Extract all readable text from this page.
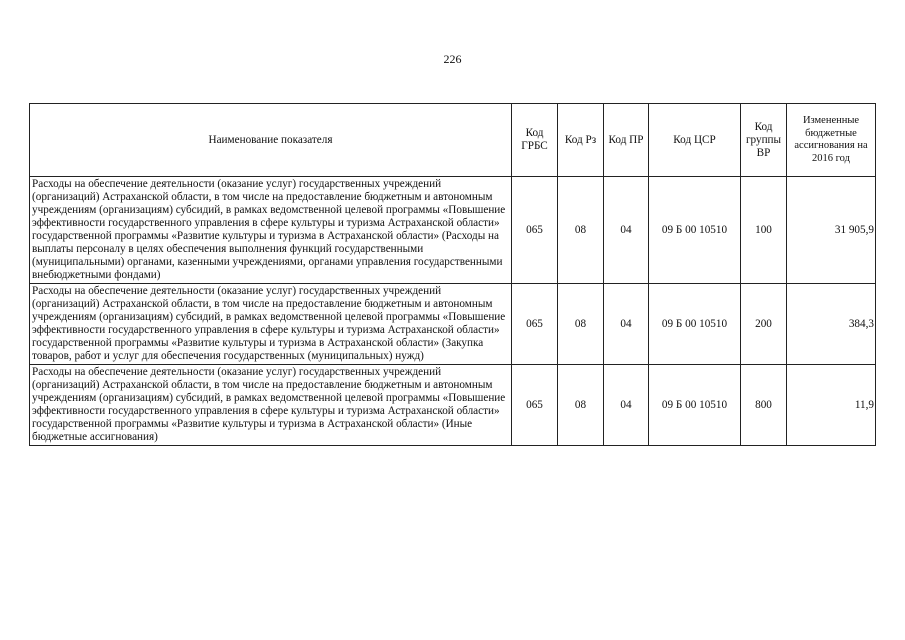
226
Наименование показателя	Код ГРБС	Код Рз	Код ПР	Код ЦСР	Код группы ВР	Измененные бюджетные ассигнования на 2016 год
Расходы на обеспечение деятельности (оказание услуг) государственных учреждений (организаций) Астраханской области, в том числе на предоставление бюджетным и автономным учреждениям (организациям) субсидий, в рамках ведомственной целевой программы «Повышение эффективности государственного управления в сфере культуры и туризма Астраханской области» государственной программы «Развитие культуры и туризма в Астраханской области» (Расходы на выплаты персоналу в целях обеспечения выполнения функций государственными (муниципальными) органами, казенными учреждениями, органами управления государственными внебюджетными фондами)	065	08	04	09 Б 00 10510	100	31 905,9
Расходы на обеспечение деятельности (оказание услуг) государственных учреждений (организаций) Астраханской области, в том числе на предоставление бюджетным и автономным учреждениям (организациям) субсидий, в рамках ведомственной целевой программы «Повышение эффективности государственного управления в сфере культуры и туризма Астраханской области» государственной программы «Развитие культуры и туризма в Астраханской области» (Закупка товаров, работ и услуг для обеспечения государственных (муниципальных) нужд)	065	08	04	09 Б 00 10510	200	384,3
Расходы на обеспечение деятельности (оказание услуг) государственных учреждений (организаций) Астраханской области, в том числе на предоставление бюджетным и автономным учреждениям (организациям) субсидий, в рамках ведомственной целевой программы «Повышение эффективности государственного управления в сфере культуры и туризма Астраханской области» государственной программы «Развитие культуры и туризма в Астраханской области» (Иные бюджетные ассигнования)	065	08	04	09 Б 00 10510	800	11,9
